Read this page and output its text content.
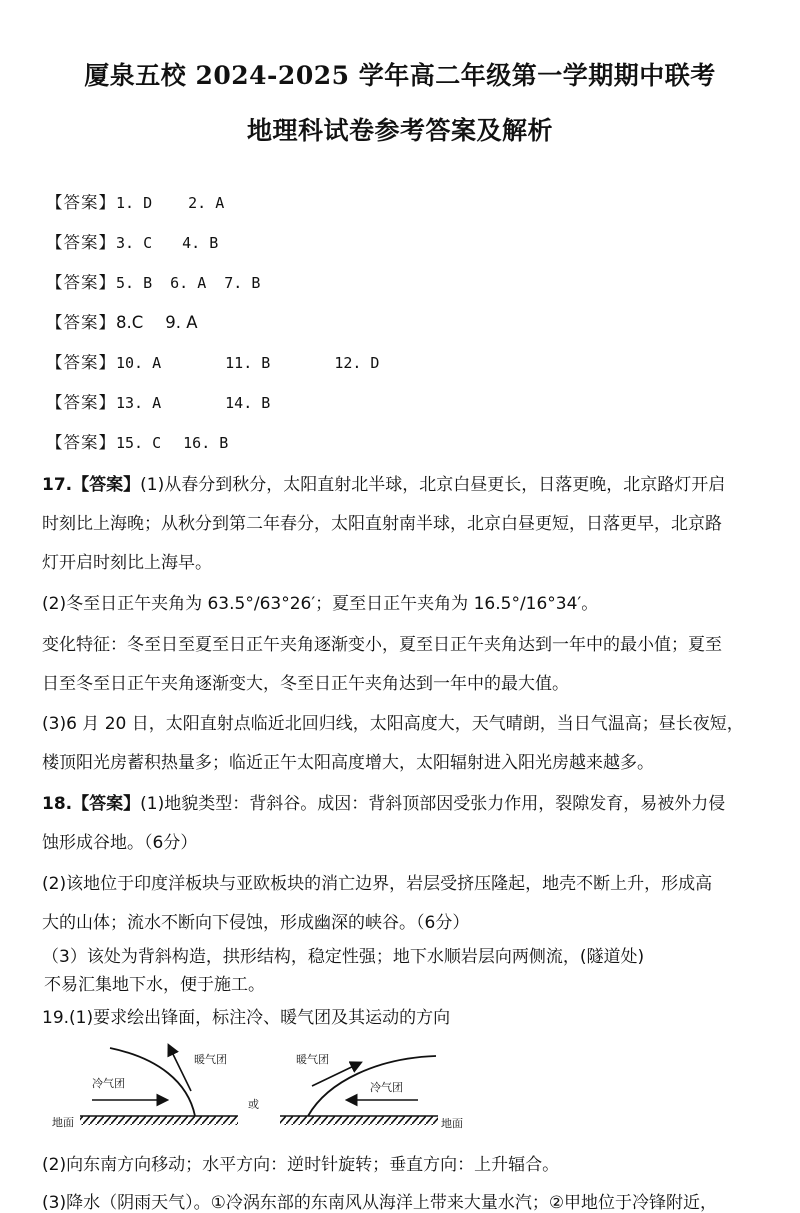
厦泉五校 2024-2025 学年高二年级第一学期期中联考
地理科试卷参考答案及解析
【答案】1. D 2. A
【答案】3. C 4. B
【答案】5. B 6. A 7. B
【答案】8.C 9. A
【答案】10. A	11. B	12. D
【答案】13. A	14. B
【答案】15. C 16. B
17.【答案】(1)从春分到秋分，太阳直射北半球，北京白昼更长，日落更晚，北京路灯开启
时刻比上海晚；从秋分到第二年春分，太阳直射南半球，北京白昼更短，日落更早，北京路
灯开启时刻比上海早。
(2)冬至日正午夹角为 63.5°/63°26′；夏至日正午夹角为 16.5°/16°34′。
变化特征：冬至日至夏至日正午夹角逐渐变小，夏至日正午夹角达到一年中的最小值；夏至
日至冬至日正午夹角逐渐变大，冬至日正午夹角达到一年中的最大值。
(3)6 月 20 日，太阳直射点临近北回归线，太阳高度大，天气晴朗，当日气温高；昼长夜短，
楼顶阳光房蓄积热量多；临近正午太阳高度增大，太阳辐射进入阳光房越来越多。
18.【答案】(1)地貌类型：背斜谷。成因：背斜顶部因受张力作用，裂隙发育，易被外力侵
蚀形成谷地。（6分）
(2)该地位于印度洋板块与亚欧板块的消亡边界，岩层受挤压隆起，地壳不断上升，形成高
大的山体；流水不断向下侵蚀，形成幽深的峡谷。（6分）
（3）该处为背斜构造，拱形结构，稳定性强；地下水顺岩层向两侧流，(隧道处)
不易汇集地下水，便于施工。
19.(1)要求绘出锋面，标注冷、暖气团及其运动的方向
暖气团
冷气团
地面
或
暖气团
冷气团
地面
(2)向东南方向移动；水平方向：逆时针旋转；垂直方向：上升辐合。
(3)降水（阴雨天气）。①冷涡东部的东南风从海洋上带来大量水汽；②甲地位于冷锋附近，
